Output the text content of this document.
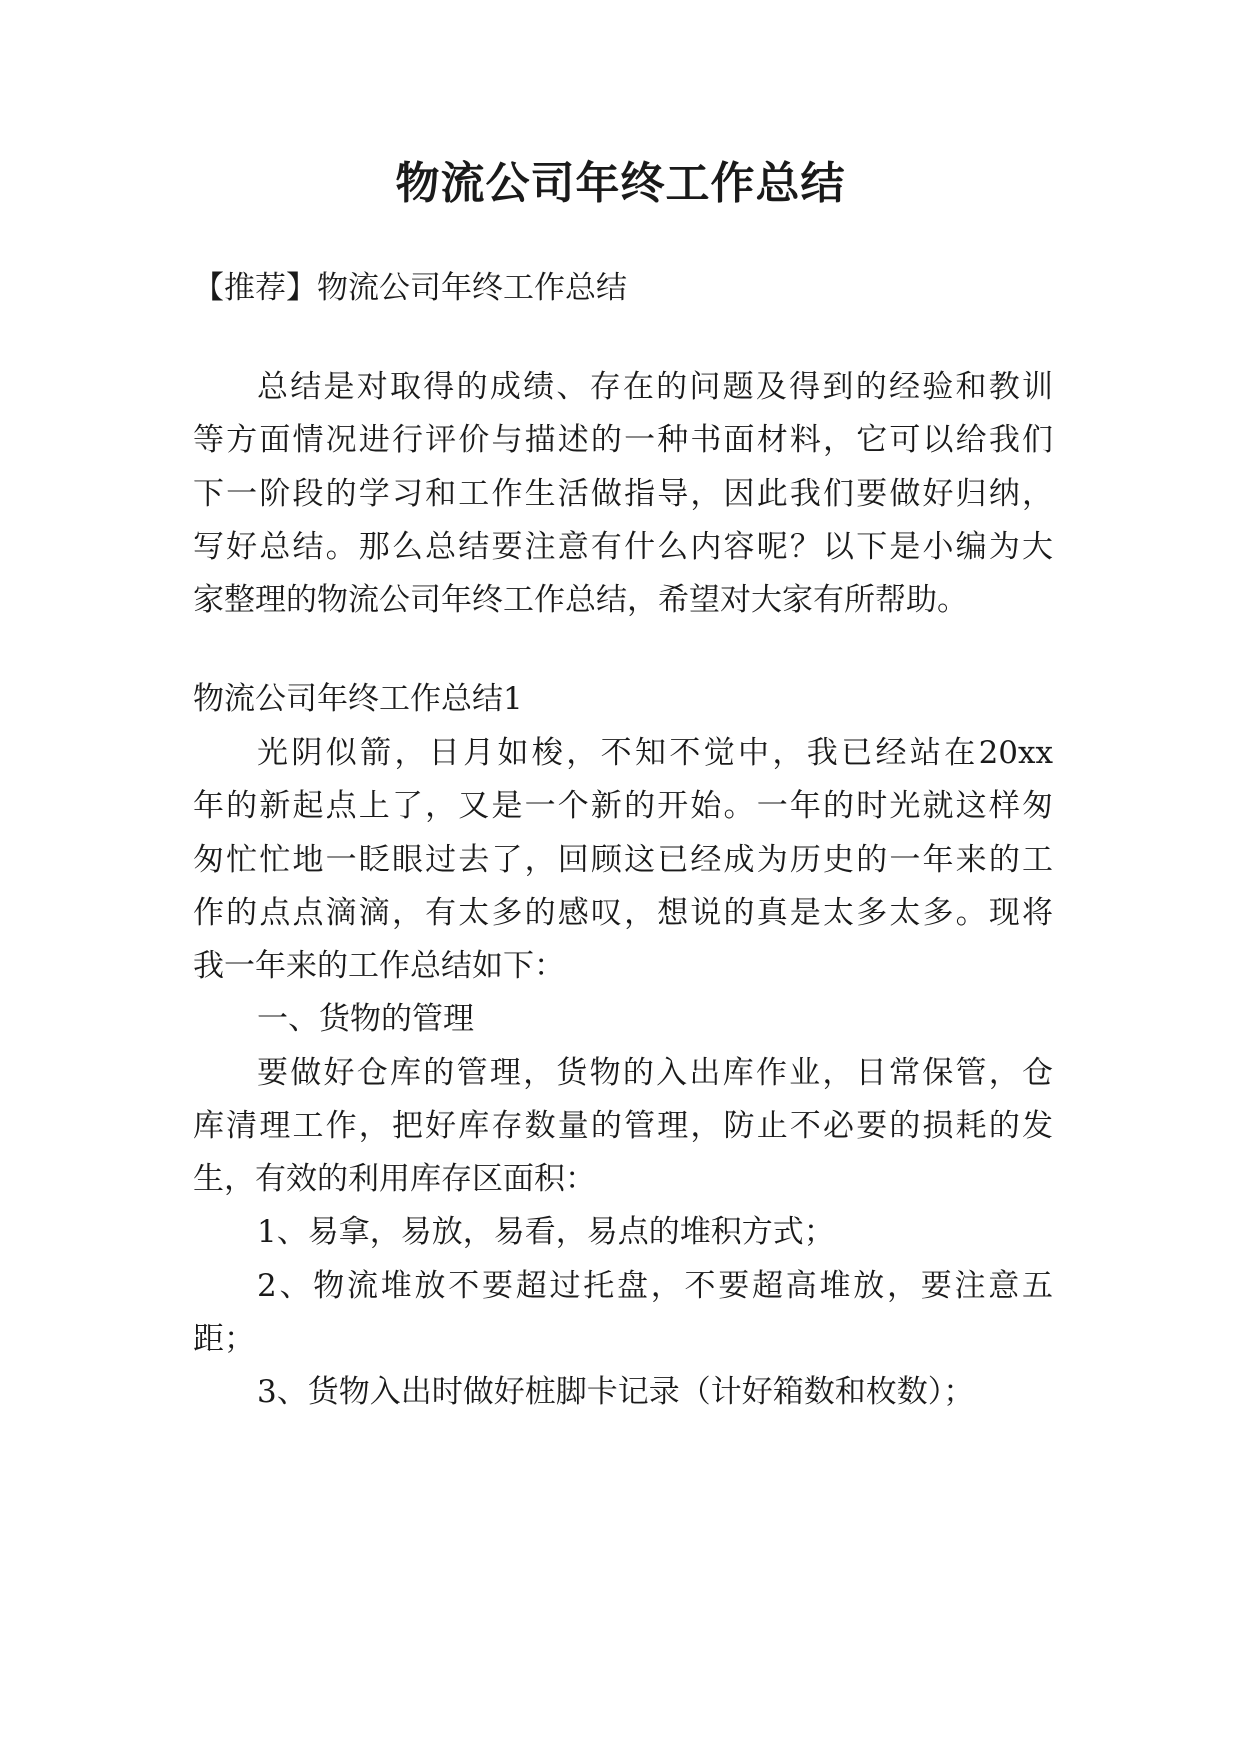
物流公司年终工作总结

【推荐】物流公司年终工作总结

总结是对取得的成绩、存在的问题及得到的经验和教训

等方面情况进行评价与描述的一种书面材料，它可以给我们

下一阶段的学习和工作生活做指导，因此我们要做好归纳，

写好总结。那么总结要注意有什么内容呢？以下是小编为大

家整理的物流公司年终工作总结，希望对大家有所帮助。

物流公司年终工作总结1

光阴似箭，日月如梭，不知不觉中，我已经站在20xx

年的新起点上了，又是一个新的开始。一年的时光就这样匆

匆忙忙地一眨眼过去了，回顾这已经成为历史的一年来的工

作的点点滴滴，有太多的感叹，想说的真是太多太多。现将

我一年来的工作总结如下：

一、货物的管理

要做好仓库的管理，货物的入出库作业，日常保管，仓

库清理工作，把好库存数量的管理，防止不必要的损耗的发

生，有效的利用库存区面积：

1、易拿，易放，易看，易点的堆积方式；

2、物流堆放不要超过托盘，不要超高堆放，要注意五

距；

3、货物入出时做好桩脚卡记录（计好箱数和枚数）；
